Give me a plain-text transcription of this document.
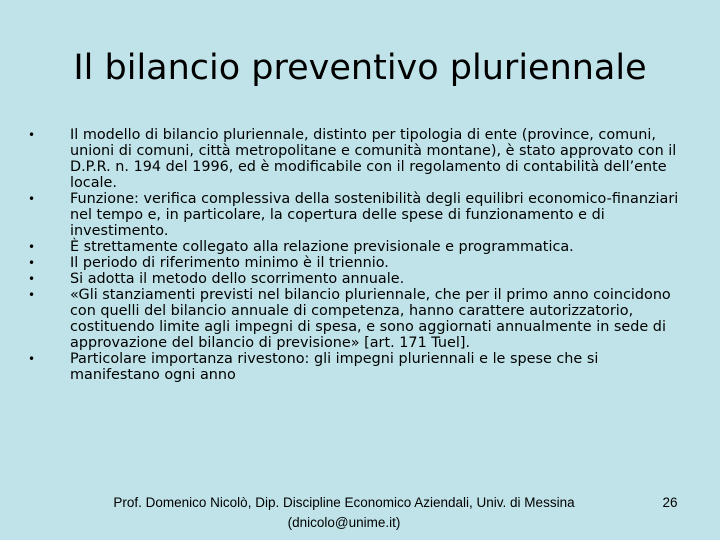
Il bilancio preventivo pluriennale
•	Il modello di bilancio pluriennale, distinto per tipologia di ente (province, comuni, unioni di comuni, città metropolitane e comunità montane), è stato approvato con il D.P.R. n. 194 del 1996, ed è modificabile con il regolamento di contabilità dell’ente locale.
•	Funzione: verifica complessiva della sostenibilità degli equilibri economico-finanziari nel tempo e, in particolare, la copertura delle spese di funzionamento e di investimento.
•	È strettamente collegato alla relazione previsionale e programmatica.
•	Il periodo di riferimento minimo è il triennio.
•	Si adotta il metodo dello scorrimento annuale.
•	«Gli stanziamenti previsti nel bilancio pluriennale, che per il primo anno coincidono con quelli del bilancio annuale di competenza, hanno carattere autorizzatorio, costituendo limite agli impegni di spesa, e sono aggiornati annualmente in sede di approvazione del bilancio di previsione» [art. 171 Tuel].
•	Particolare importanza rivestono: gli impegni pluriennali e le spese che si manifestano ogni anno
Prof. Domenico Nicolò, Dip. Discipline Economico Aziendali, Univ. di Messina
(dnicolo@unime.it)
26
